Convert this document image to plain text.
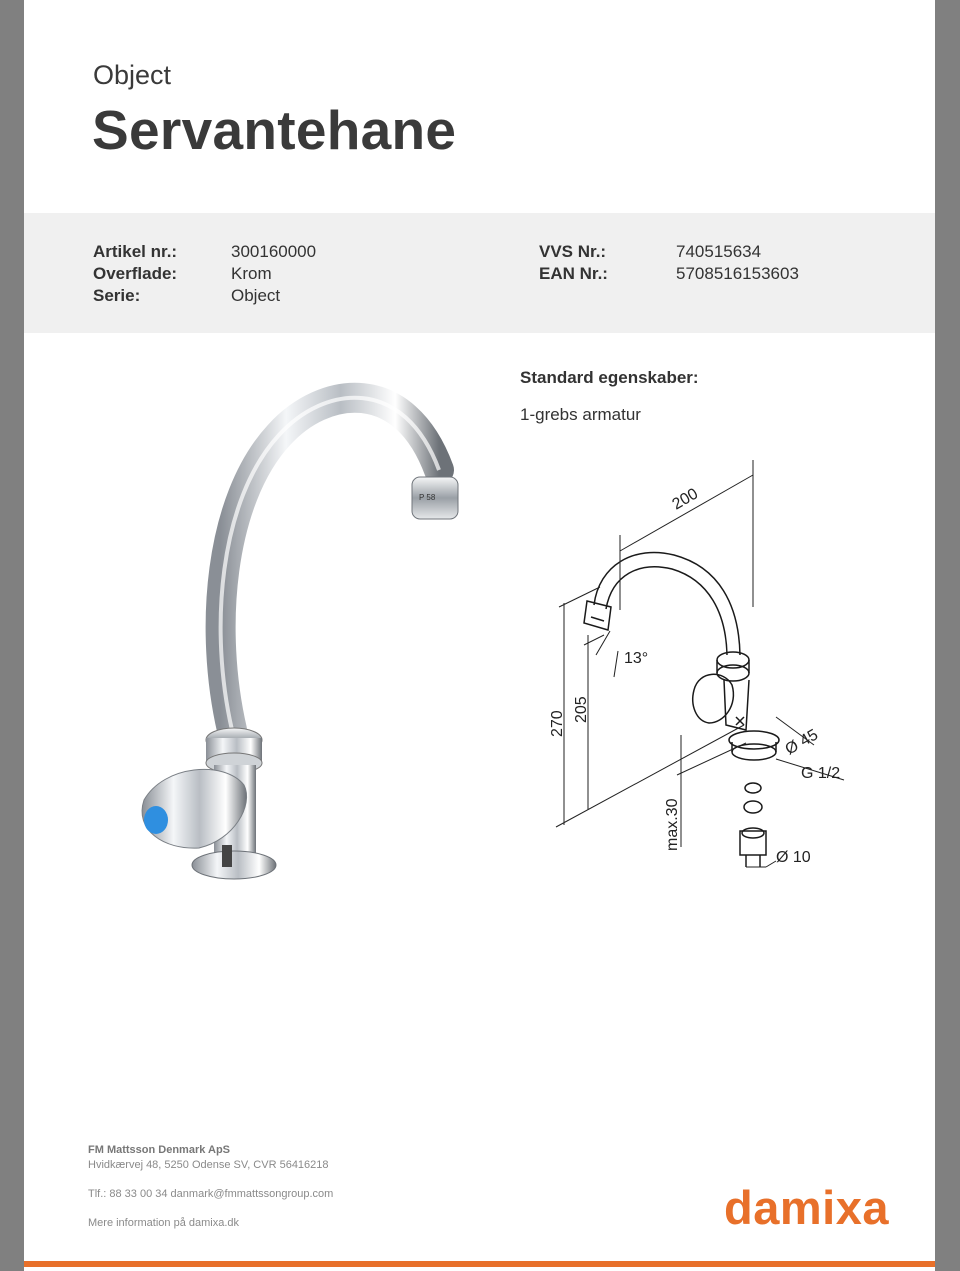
Object
Servantehane
Artikel nr.:	300160000
Overflade:	Krom
Serie:	Object
VVS Nr.:	740515634
EAN Nr.:	5708516153603
Standard egenskaber:
1-grebs armatur
P 58	200
270
205
13°
Ø 45
G 1/2
max.30
Ø 10
FM Mattsson Denmark ApS
Hvidkærvej 48, 5250 Odense SV, CVR 56416218
Tlf.: 88 33 00 34 danmark@fmmattssongroup.com
Mere information på damixa.dk	damixa
